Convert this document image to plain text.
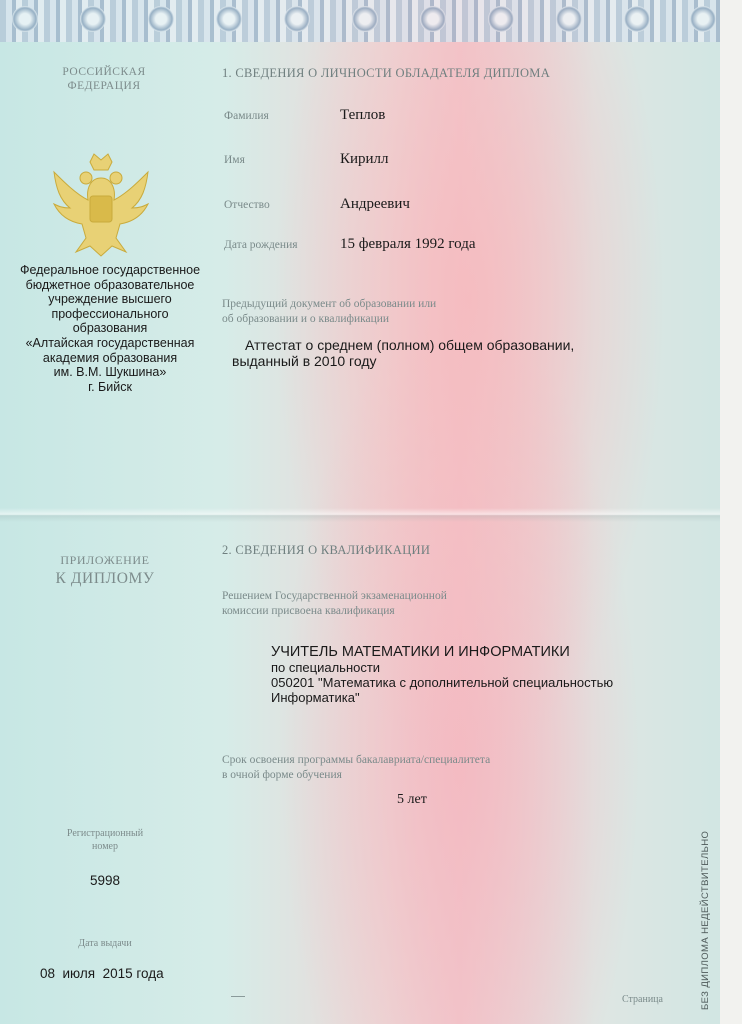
РОССИЙСКАЯ
ФЕДЕРАЦИЯ
Федеральное государственное
бюджетное образовательное
учреждение высшего
профессионального
образования
«Алтайская государственная
академия образования
им. В.М. Шукшина»
г. Бийск
ПРИЛОЖЕНИЕ
К ДИПЛОМУ
Регистрационный
номер
5998
Дата выдачи
08  июля  2015 года
1. СВЕДЕНИЯ О ЛИЧНОСТИ ОБЛАДАТЕЛЯ ДИПЛОМА
Фамилия	Теплов
Имя	Кирилл
Отчество	Андреевич
Дата рождения	15 февраля 1992 года
Предыдущий документ об образовании или
об образовании и о квалификации
Аттестат о среднем (полном) общем образовании,
выданный в 2010 году
2. СВЕДЕНИЯ О КВАЛИФИКАЦИИ
Решением Государственной экзаменационной
комиссии присвоена квалификация
УЧИТЕЛЬ МАТЕМАТИКИ И ИНФОРМАТИКИ
по специальности
050201 "Математика с дополнительной специальностью
Информатика"
Срок освоения программы бакалавриата/специалитета
в очной форме обучения
5 лет
Страница	БЕЗ ДИПЛОМА НЕДЕЙСТВИТЕЛЬНО
